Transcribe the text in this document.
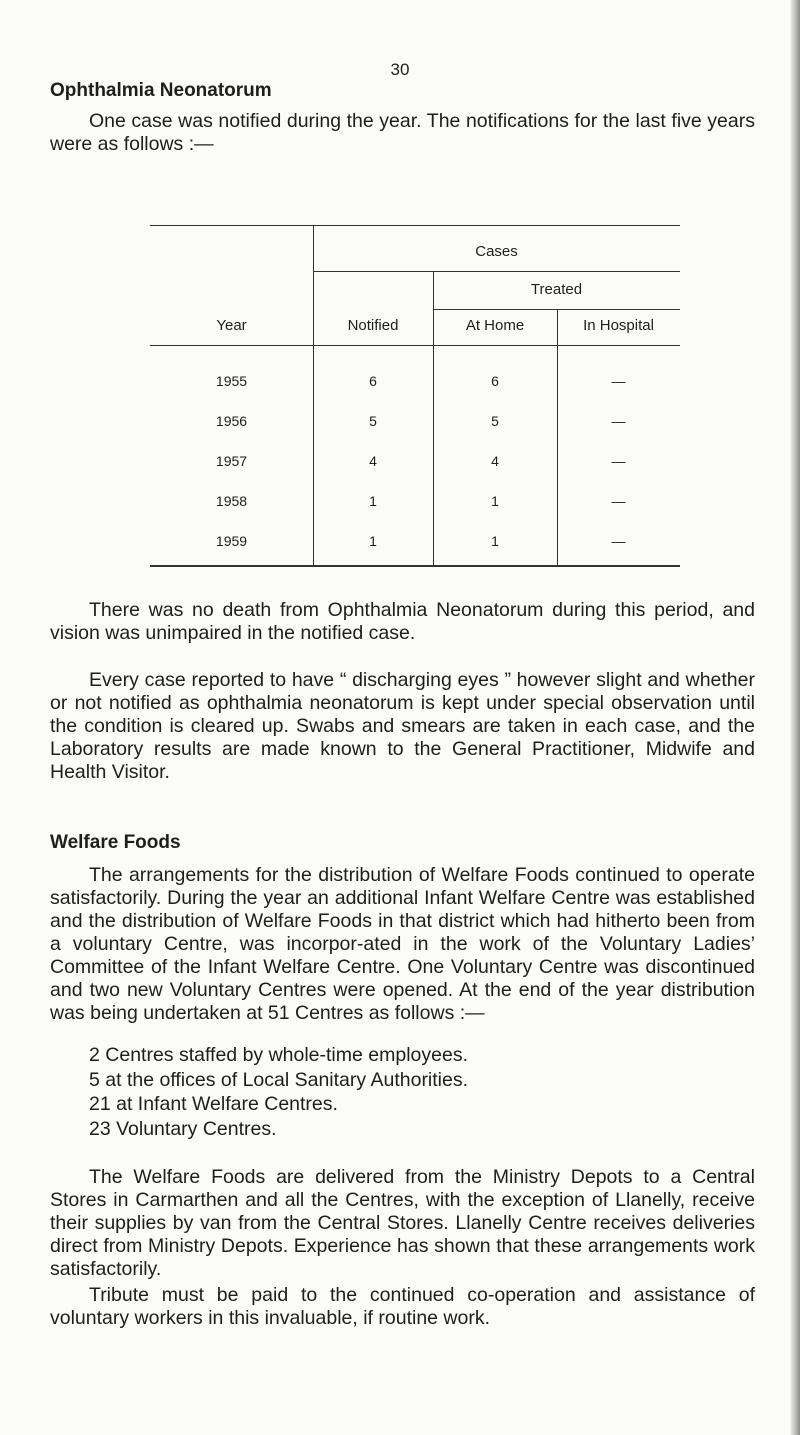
30
Ophthalmia Neonatorum
One case was notified during the year. The notifications for the last five years were as follows :—
Cases
Treated
Year	Notified	At Home	In Hospital
1955	6	6	—
1956	5	5	—
1957	4	4	—
1958	1	1	—
1959	1	1	—
There was no death from Ophthalmia Neonatorum during this period, and vision was unimpaired in the notified case.
Every case reported to have “ discharging eyes ” however slight and whether or not notified as ophthalmia neonatorum is kept under special observation until the condition is cleared up. Swabs and smears are taken in each case, and the Laboratory results are made known to the General Practitioner, Midwife and Health Visitor.
Welfare Foods
The arrangements for the distribution of Welfare Foods continued to operate satisfactorily. During the year an additional Infant Welfare Centre was established and the distribution of Welfare Foods in that district which had hitherto been from a voluntary Centre, was incorpor-ated in the work of the Voluntary Ladies’ Committee of the Infant Welfare Centre. One Voluntary Centre was discontinued and two new Voluntary Centres were opened. At the end of the year distribution was being undertaken at 51 Centres as follows :—
2 Centres staffed by whole-time employees.
5 at the offices of Local Sanitary Authorities.
21 at Infant Welfare Centres.
23 Voluntary Centres.
The Welfare Foods are delivered from the Ministry Depots to a Central Stores in Carmarthen and all the Centres, with the exception of Llanelly, receive their supplies by van from the Central Stores. Llanelly Centre receives deliveries direct from Ministry Depots. Experience has shown that these arrangements work satisfactorily.
Tribute must be paid to the continued co-operation and assistance of voluntary workers in this invaluable, if routine work.
